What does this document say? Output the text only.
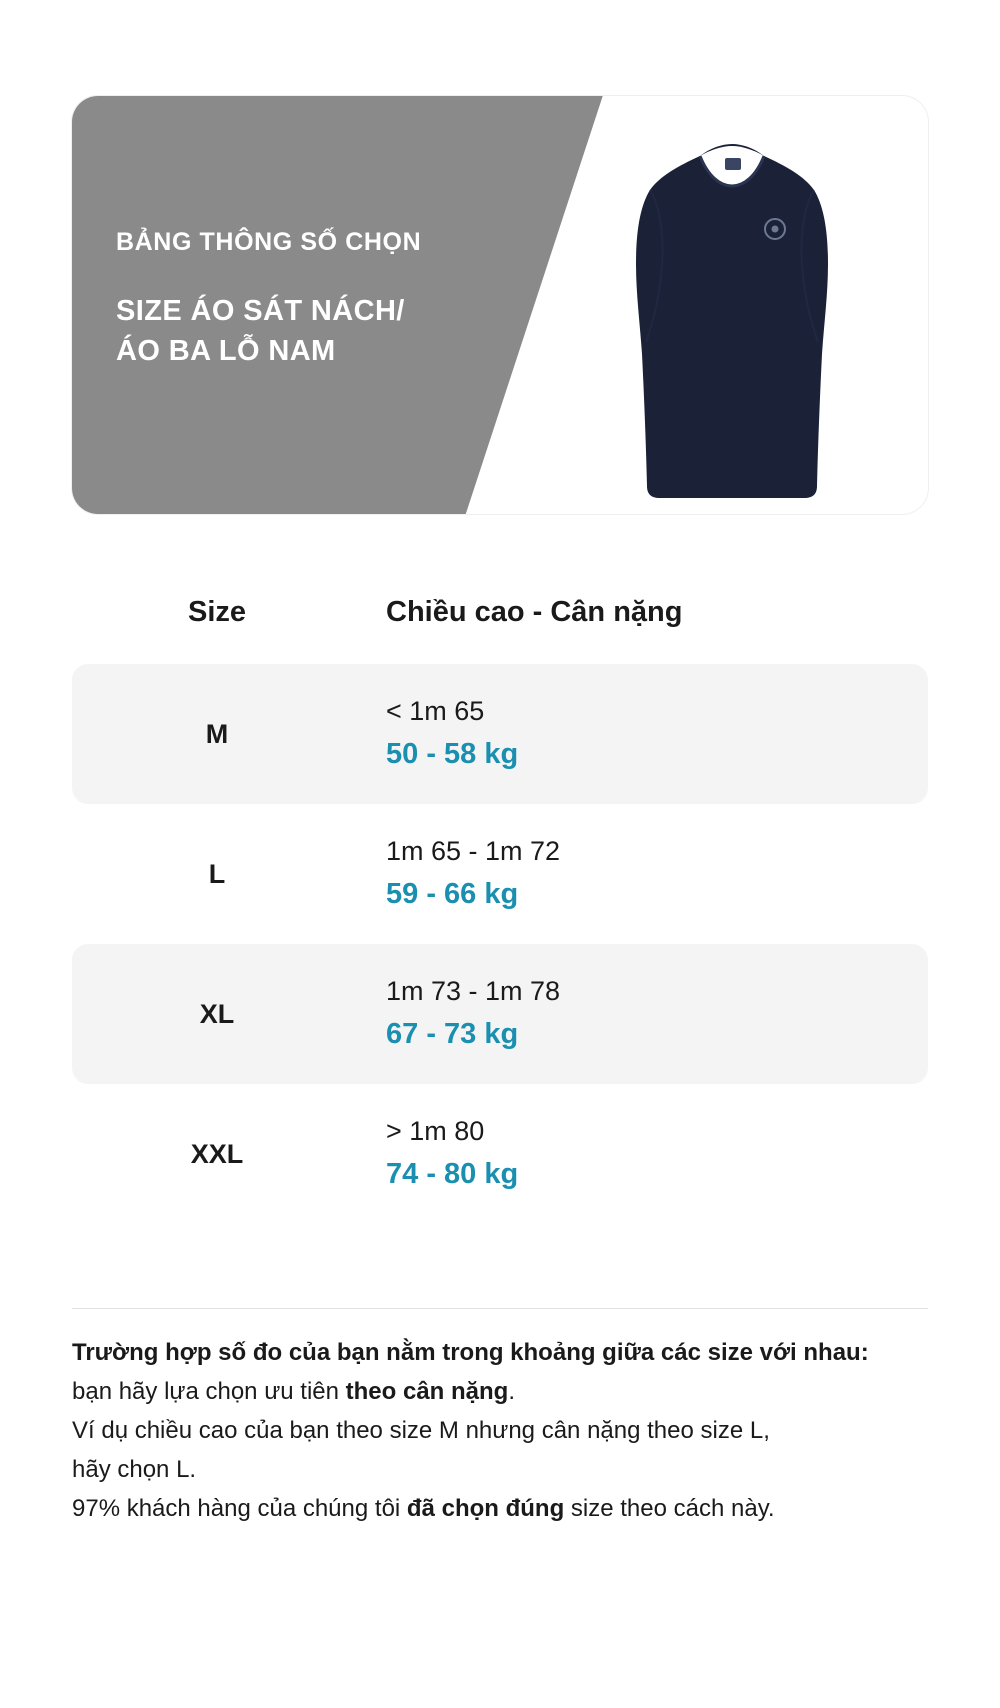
BẢNG THÔNG SỐ CHỌN
SIZE ÁO SÁT NÁCH/
ÁO BA LỖ NAM
Size	Chiều cao - Cân nặng
M
< 1m 65
50 - 58 kg
L
1m 65 - 1m 72
59 - 66 kg
XL
1m 73 - 1m 78
67 - 73 kg
XXL
> 1m 80
74 - 80 kg

Trường hợp số đo của bạn nằm trong khoảng giữa các size với nhau:

bạn hãy lựa chọn ưu tiên theo cân nặng.

Ví dụ chiều cao của bạn theo size M nhưng cân nặng theo size L,

hãy chọn L.

97% khách hàng của chúng tôi đã chọn đúng size theo cách này.
